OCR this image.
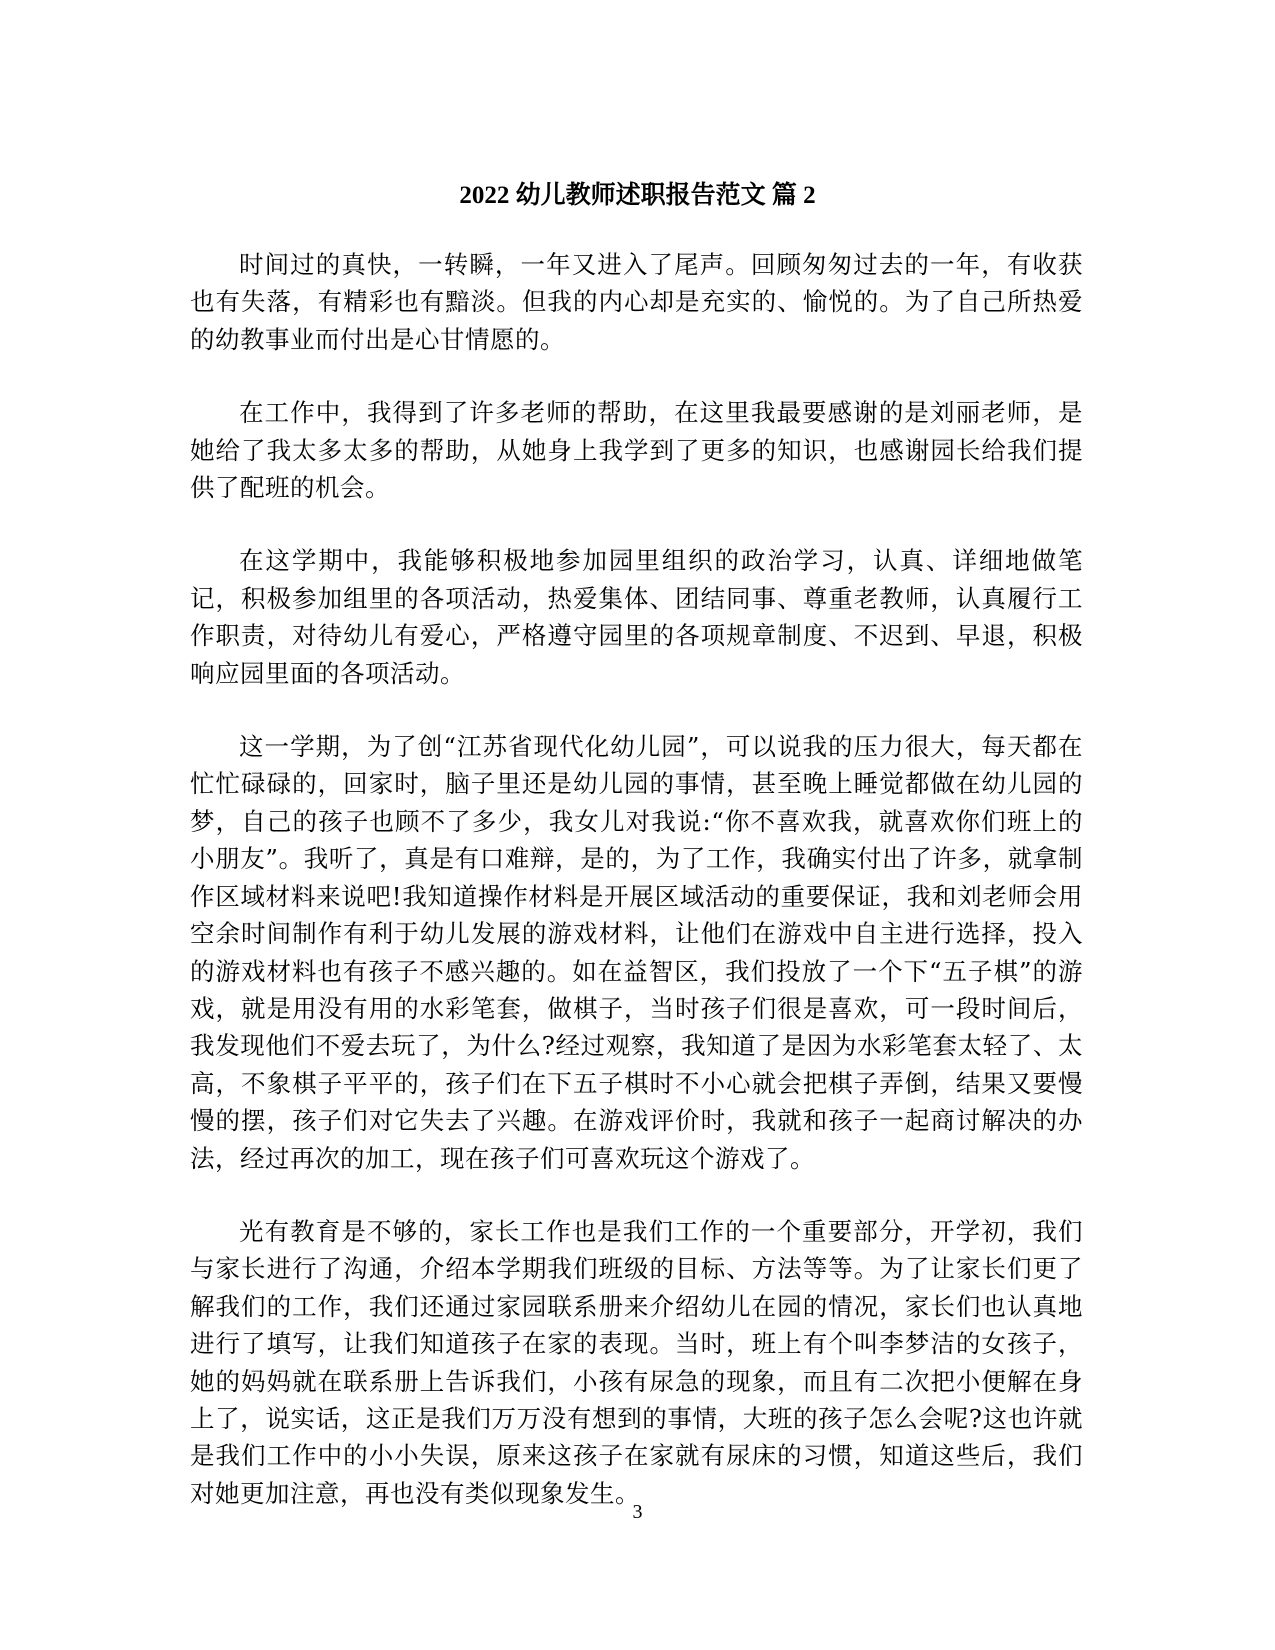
2022 幼儿教师述职报告范文 篇 2

时间过的真快，一转瞬，一年又进入了尾声。回顾匆匆过去的一年，有收获也有失落，有精彩也有黯淡。但我的内心却是充实的、愉悦的。为了自己所热爱的幼教事业而付出是心甘情愿的。

在工作中，我得到了许多老师的帮助，在这里我最要感谢的是刘丽老师，是她给了我太多太多的帮助，从她身上我学到了更多的知识，也感谢园长给我们提供了配班的机会。

在这学期中，我能够积极地参加园里组织的政治学习，认真、详细地做笔记，积极参加组里的各项活动，热爱集体、团结同事、尊重老教师，认真履行工作职责，对待幼儿有爱心，严格遵守园里的各项规章制度、不迟到、早退，积极响应园里面的各项活动。

这一学期，为了创“江苏省现代化幼儿园”，可以说我的压力很大，每天都在忙忙碌碌的，回家时，脑子里还是幼儿园的事情，甚至晚上睡觉都做在幼儿园的梦，自己的孩子也顾不了多少，我女儿对我说:“你不喜欢我，就喜欢你们班上的小朋友”。我听了，真是有口难辩，是的，为了工作，我确实付出了许多，就拿制作区域材料来说吧!我知道操作材料是开展区域活动的重要保证，我和刘老师会用空余时间制作有利于幼儿发展的游戏材料，让他们在游戏中自主进行选择，投入的游戏材料也有孩子不感兴趣的。如在益智区，我们投放了一个下“五子棋”的游戏，就是用没有用的水彩笔套，做棋子，当时孩子们很是喜欢，可一段时间后，我发现他们不爱去玩了，为什么?经过观察，我知道了是因为水彩笔套太轻了、太高，不象棋子平平的，孩子们在下五子棋时不小心就会把棋子弄倒，结果又要慢慢的摆，孩子们对它失去了兴趣。在游戏评价时，我就和孩子一起商讨解决的办法，经过再次的加工，现在孩子们可喜欢玩这个游戏了。

光有教育是不够的，家长工作也是我们工作的一个重要部分，开学初，我们与家长进行了沟通，介绍本学期我们班级的目标、方法等等。为了让家长们更了解我们的工作，我们还通过家园联系册来介绍幼儿在园的情况，家长们也认真地进行了填写，让我们知道孩子在家的表现。当时，班上有个叫李梦洁的女孩子，她的妈妈就在联系册上告诉我们，小孩有尿急的现象，而且有二次把小便解在身上了，说实话，这正是我们万万没有想到的事情，大班的孩子怎么会呢?这也许就是我们工作中的小小失误，原来这孩子在家就有尿床的习惯，知道这些后，我们对她更加注意，再也没有类似现象发生。

3
